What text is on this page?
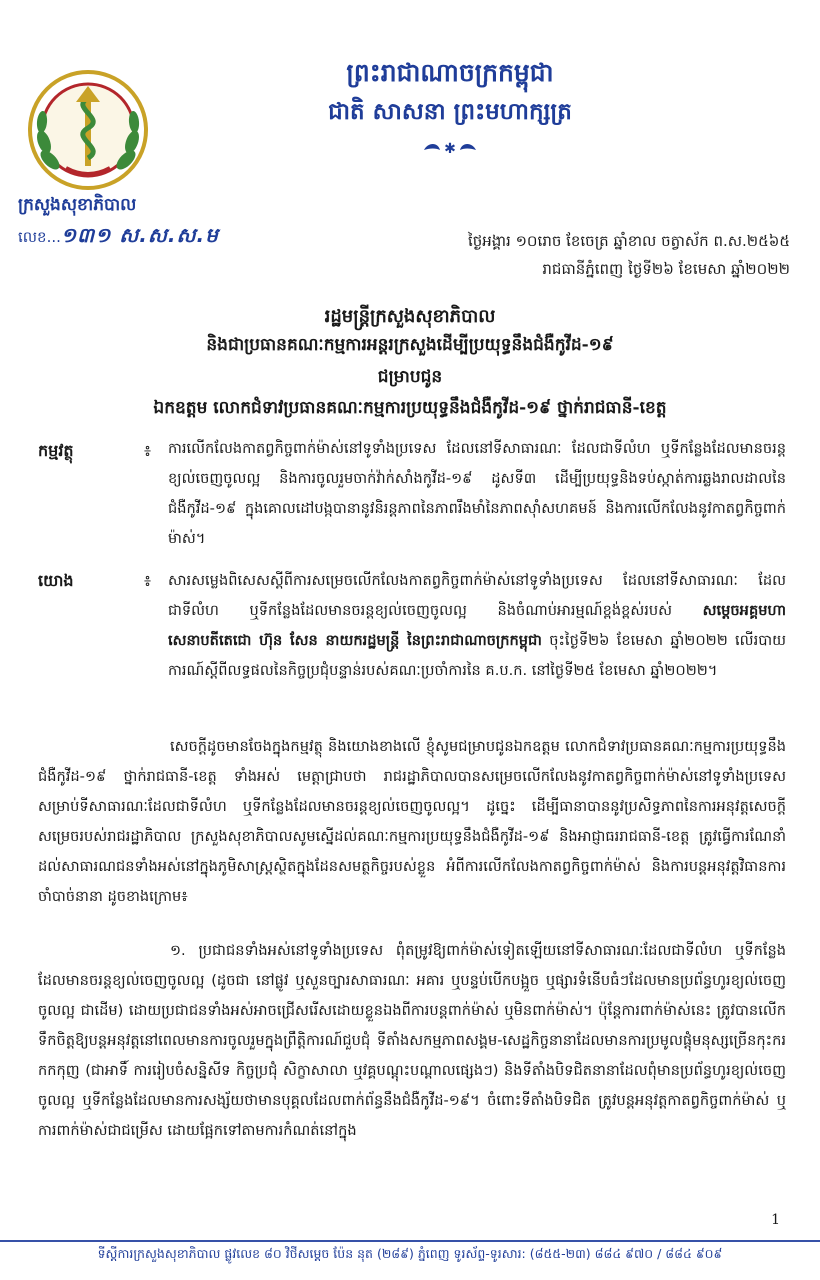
ក្រសួងសុខាភិបាល
លេខ...១៣១ ស.ស.ស.ម
ព្រះរាជាណាចក្រកម្ពុជា
ជាតិ សាសនា ព្រះមហាក្សត្រ
✱
ថ្ងៃអង្គារ ១០រោច ខែចេត្រ ឆ្នាំខាល ចត្វាស័ក ព.ស.២៥៦៥
រាជធានីភ្នំពេញ ថ្ងៃទី២៦ ខែមេសា ឆ្នាំ២០២២
រដ្ឋមន្ត្រីក្រសួងសុខាភិបាល
និងជាប្រធានគណៈកម្មការអន្តរក្រសួងដើម្បីប្រយុទ្ធនឹងជំងឺកូវីដ-១៩
ជម្រាបជូន
ឯកឧត្តម លោកជំទាវប្រធានគណៈកម្មការប្រយុទ្ធនឹងជំងឺកូវីដ-១៩ ថ្នាក់រាជធានី-ខេត្ត
កម្មវត្ថុ	៖ ការលើកលែងកាតព្វកិច្ចពាក់ម៉ាស់នៅទូទាំងប្រទេស ដែលនៅទីសាធារណៈ ដែលជាទីលំហ ឬទីកន្លែងដែលមានចរន្តខ្យល់ចេញចូលល្អ និងការចូលរួមចាក់វ៉ាក់សាំងកូវីដ-១៩ ដូសទី៣ ដើម្បីប្រយុទ្ធនិងទប់ស្កាត់ការឆ្លងរាលដាលនៃជំងឺកូវីដ-១៩ ក្នុងគោលដៅបង្កបានានូវនិរន្តភាពនៃភាពរឹងមាំនៃភាពស៊ាំសហគមន៍ និងការលើកលែងនូវកាតព្វកិច្ចពាក់ម៉ាស់។
យោង	៖ សារសម្លេងពិសេសស្តីពីការសម្រេចលើកលែងកាតព្វកិច្ចពាក់ម៉ាស់នៅទូទាំងប្រទេស ដែលនៅទីសាធារណៈ ដែលជាទីលំហ ឬទីកន្លែងដែលមានចរន្តខ្យល់ចេញចូលល្អ និងចំណាប់អារម្មណ៍ខ្ពង់ខ្ពស់របស់ សម្តេចអគ្គមហាសេនាបតីតេជោ ហ៊ុន សែន នាយករដ្ឋមន្ត្រី នៃព្រះរាជាណាចក្រកម្ពុជា ចុះថ្ងៃទី២៦ ខែមេសា ឆ្នាំ២០២២ លើរបាយការណ៍ស្តីពីលទ្ធផលនៃកិច្ចប្រជុំបន្ទាន់របស់គណៈប្រចាំការនៃ គ.ប.ក. នៅថ្ងៃទី២៥ ខែមេសា ឆ្នាំ២០២២។
សេចក្តីដូចមានចែងក្នុងកម្មវត្ថុ និងយោងខាងលើ ខ្ញុំសូមជម្រាបជូនឯកឧត្តម លោកជំទាវប្រធានគណៈកម្មការប្រយុទ្ធនឹងជំងឺកូវីដ-១៩ ថ្នាក់រាជធានី-ខេត្ត ទាំងអស់ មេត្តាជ្រាបថា រាជរដ្ឋាភិបាលបានសម្រេចលើកលែងនូវកាតព្វកិច្ចពាក់ម៉ាស់នៅទូទាំងប្រទេស សម្រាប់ទីសាធារណៈដែលជាទីលំហ ឬទីកន្លែងដែលមានចរន្តខ្យល់ចេញចូលល្អ។ ដូច្នេះ ដើម្បីធានាបាននូវប្រសិទ្ធភាពនៃការអនុវត្តសេចក្តីសម្រេចរបស់រាជរដ្ឋាភិបាល ក្រសួងសុខាភិបាលសូមស្នើដល់គណៈកម្មការប្រយុទ្ធនឹងជំងឺកូវីដ-១៩ និងអាជ្ញាធររាជធានី-ខេត្ត ត្រូវធ្វើការណែនាំដល់សាធារណជនទាំងអស់នៅក្នុងភូមិសាស្ត្រស្ថិតក្នុងដែនសមត្ថកិច្ចរបស់ខ្លួន អំពីការលើកលែងកាតព្វកិច្ចពាក់ម៉ាស់ និងការបន្តអនុវត្តវិធានការចាំបាច់នានា ដូចខាងក្រោម៖
១. ប្រជាជនទាំងអស់នៅទូទាំងប្រទេស ពុំតម្រូវឱ្យពាក់ម៉ាស់ទៀតឡើយនៅទីសាធារណៈដែលជាទីលំហ ឬទីកន្លែងដែលមានចរន្តខ្យល់ចេញចូលល្អ (ដូចជា នៅផ្លូវ ឬសួនច្បារសាធារណៈ អគារ ឬបន្ទប់បើកបង្អួច ឬផ្សារទំនើបធំៗដែលមានប្រព័ន្ធហូរខ្យល់ចេញចូលល្អ ជាដើម) ដោយប្រជាជនទាំងអស់អាចជ្រើសរើសដោយខ្លួនឯងពីការបន្តពាក់ម៉ាស់ ឬមិនពាក់ម៉ាស់។ ប៉ុន្តែការពាក់ម៉ាស់នេះ ត្រូវបានលើកទឹកចិត្តឱ្យបន្តអនុវត្តនៅពេលមានការចូលរួមក្នុងព្រឹត្តិការណ៍ជួបជុំ ទីតាំងសកម្មភាពសង្គម-សេដ្ឋកិច្ចនានាដែលមានការប្រមូលផ្តុំមនុស្សច្រើនកុះករកកកុញ (ជាអាទិ៍ ការរៀបចំសន្និសីទ កិច្ចប្រជុំ សិក្ខាសាលា ឬវគ្គបណ្តុះបណ្តាលផ្សេងៗ) និងទីតាំងបិទជិតនានាដែលពុំមានប្រព័ន្ធហូរខ្យល់ចេញចូលល្អ ឬទីកន្លែងដែលមានការសង្ស័យថាមានបុគ្គលដែលពាក់ព័ន្ធនឹងជំងឺកូវីដ-១៩។ ចំពោះទីតាំងបិទជិត ត្រូវបន្តអនុវត្តកាតព្វកិច្ចពាក់ម៉ាស់ ឬការពាក់ម៉ាស់ជាជម្រើស ដោយផ្អែកទៅតាមការកំណត់នៅក្នុង
1
ទីស្តីការក្រសួងសុខាភិបាល ផ្លូវលេខ ៨០ វិថីសម្តេច ប៉ែន នុត (២៨៩) ភ្នំពេញ ទូរស័ព្ទ-ទូរសារ: (៨៥៥-២៣) ៨៨៤ ៩៧០ / ៨៨៤ ៩០៩
